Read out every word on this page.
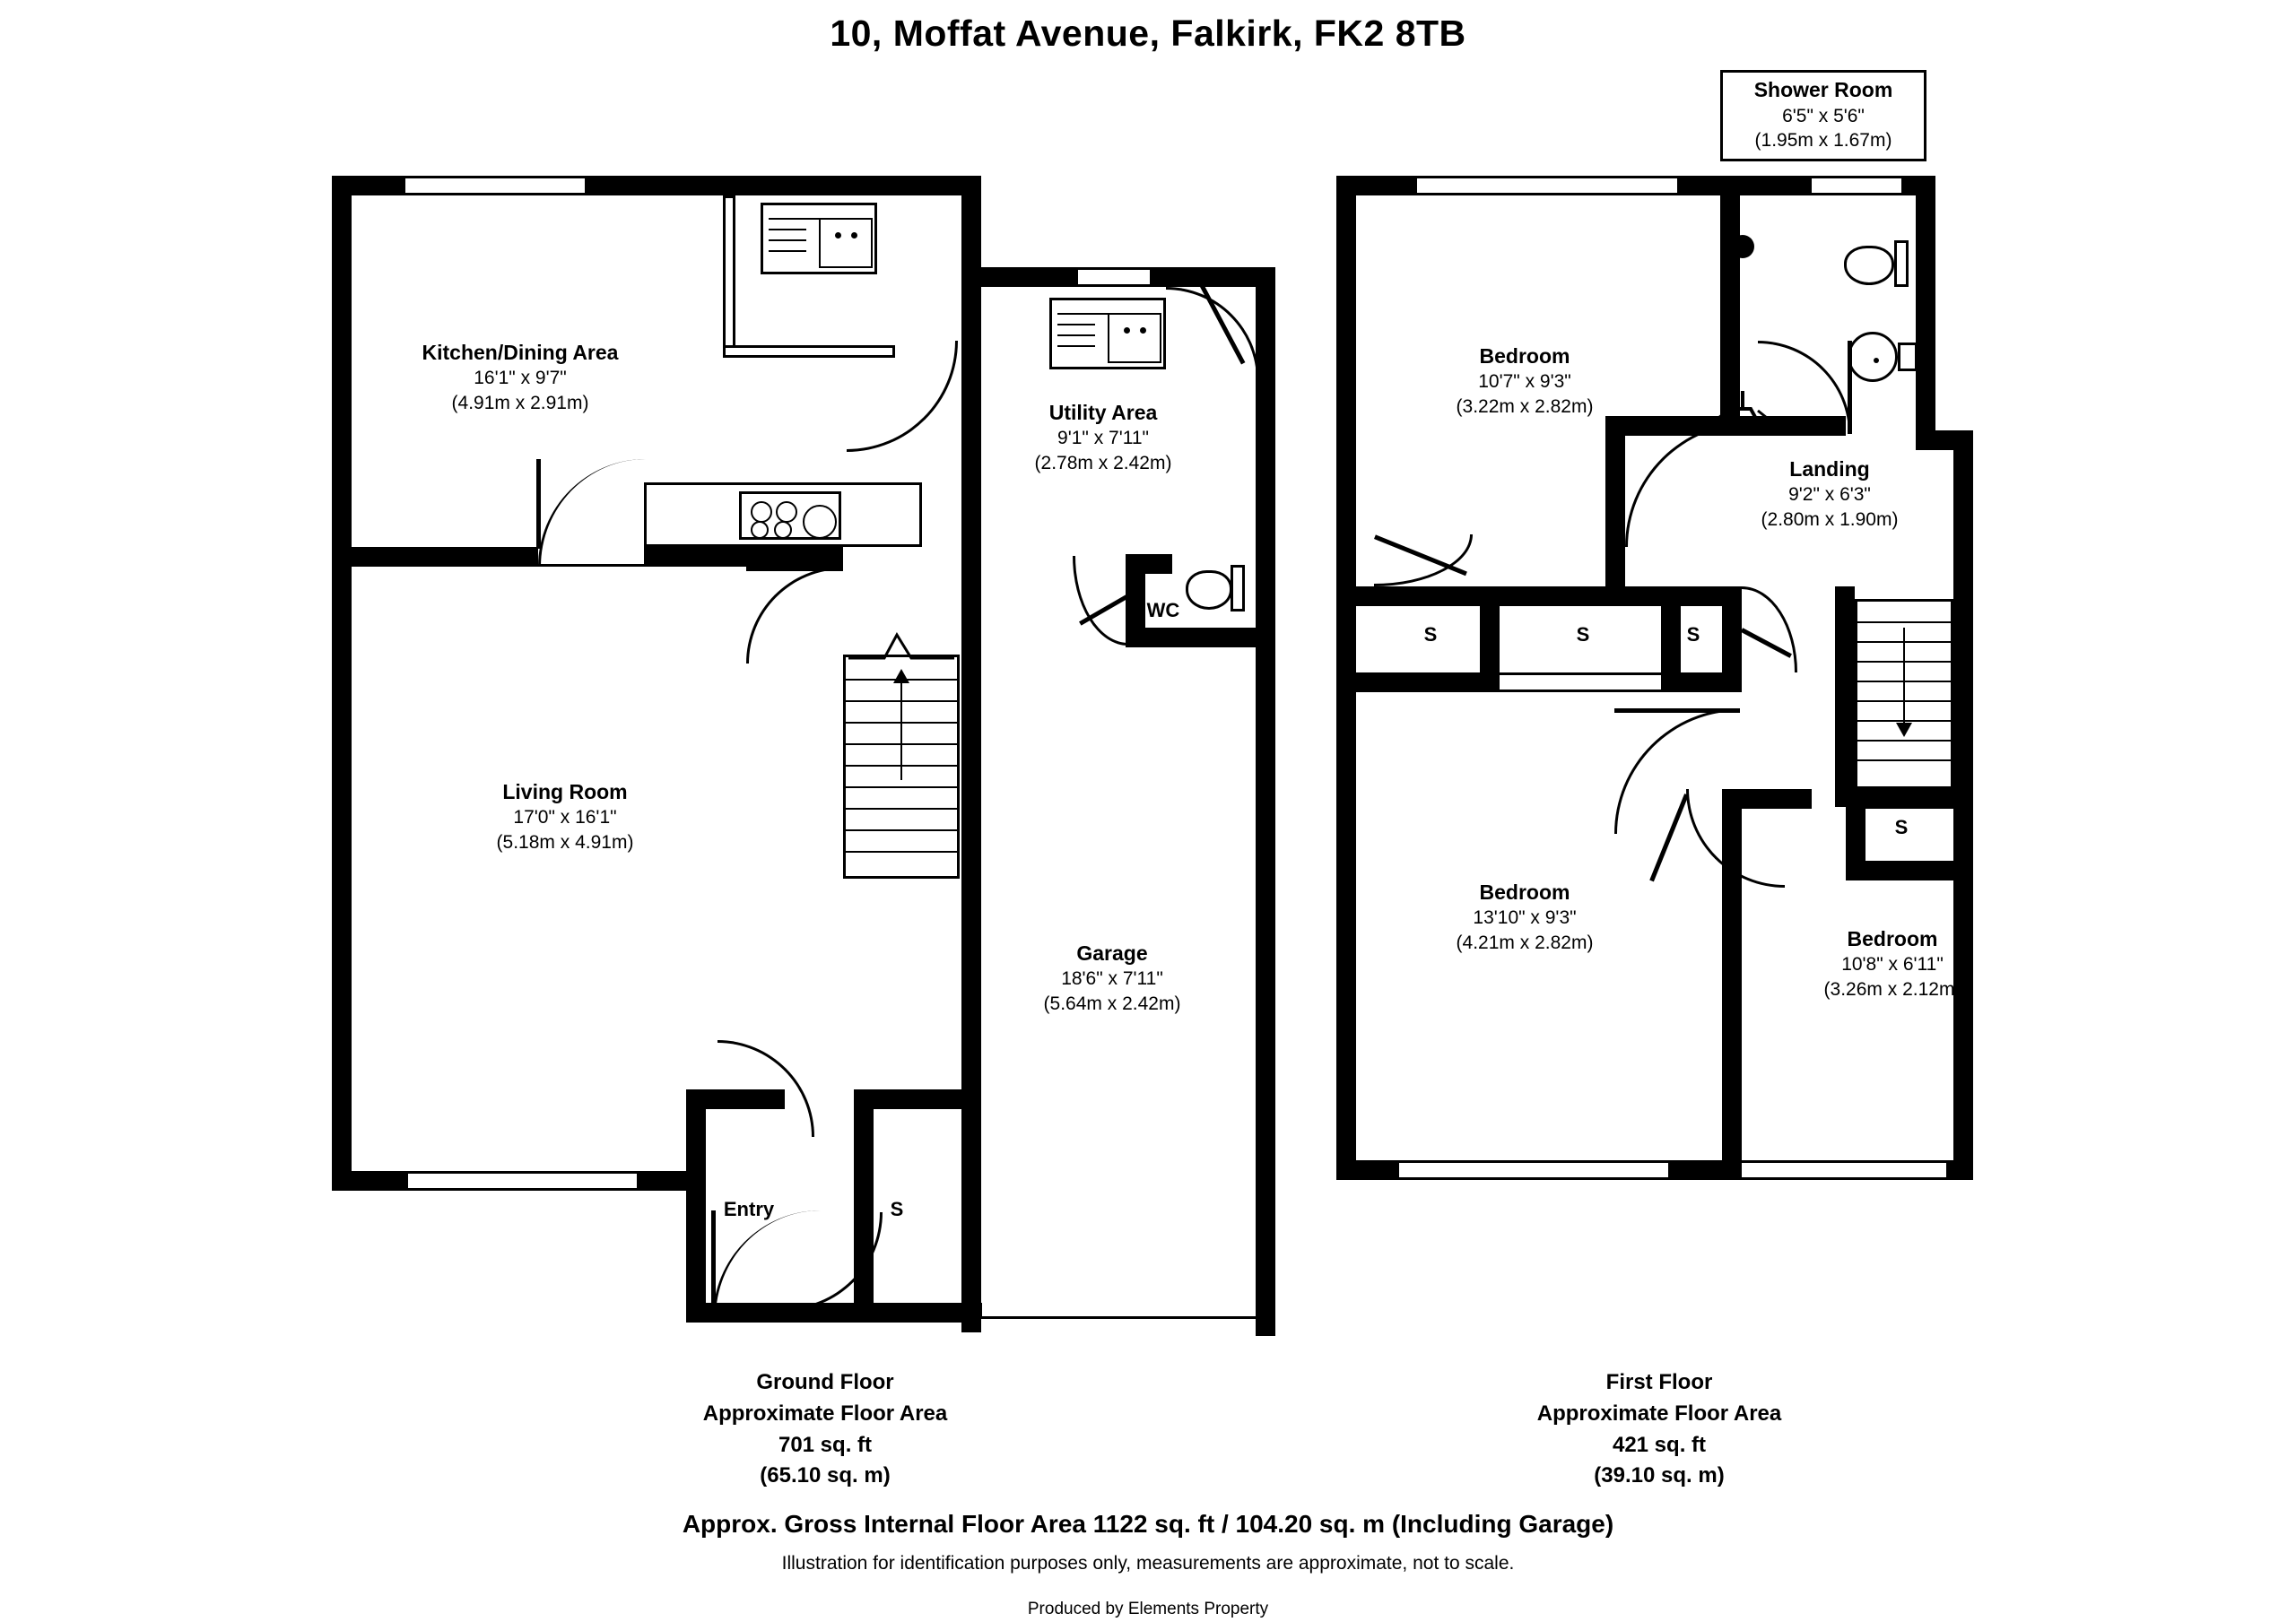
10, Moffat Avenue, Falkirk, FK2 8TB
Kitchen/Dining Area
16'1" x 9'7"
(4.91m x 2.91m)
Living Room
17'0" x 16'1"
(5.18m x 4.91m)
Utility Area
9'1" x 7'11"
(2.78m x 2.42m)
Garage
18'6" x 7'11"
(5.64m x 2.42m)
WC
Entry	S
Ground Floor
Approximate Floor Area
701 sq. ft
(65.10 sq. m)
Shower Room
6'5" x 5'6"
(1.95m x 1.67m)
Bedroom
10'7" x 9'3"
(3.22m x 2.82m)
Landing
9'2" x 6'3"
(2.80m x 1.90m)
Bedroom
13'10" x 9'3"
(4.21m x 2.82m)	Bedroom
10'8" x 6'11"
(3.26m x 2.12m)
S	S	S
S
First Floor
Approximate Floor Area
421 sq. ft
(39.10 sq. m)
Approx. Gross Internal Floor Area 1122 sq. ft / 104.20 sq. m (Including Garage)
Illustration for identification purposes only, measurements are approximate, not to scale.
Produced by Elements Property
